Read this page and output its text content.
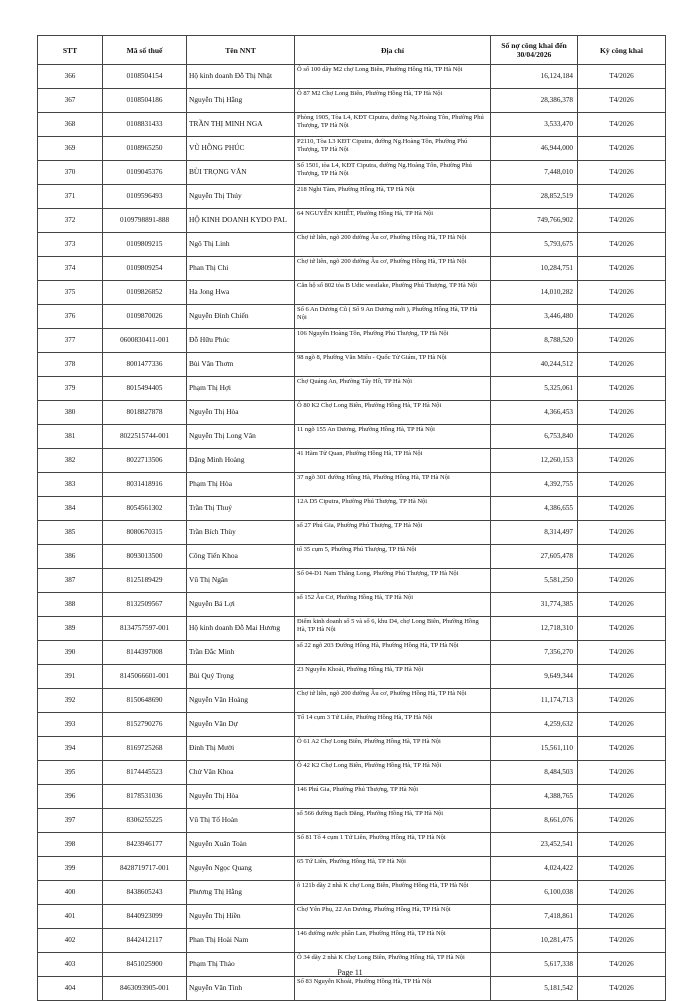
STT	Mã số thuế	Tên NNT	Địa chỉ	Số nợ công khai đến 30/04/2026	Kỳ công khai
366	0108504154	Hộ kinh doanh Đỗ Thị Nhật	Ô số 100 dãy M2 chợ Long Biên, Phường Hồng Hà, TP Hà Nội	16,124,184	T4/2026
367	0108504186	Nguyễn Thị Hằng	Ô 87 M2 Chợ Long Biên, Phường Hồng Hà, TP Hà Nội	28,386,378	T4/2026
368	0108831433	TRẦN THỊ MINH NGA	Phòng 1905, Tòa L4, KĐT Ciputra, đường Ng.Hoàng Tôn, Phường Phú Thượng, TP Hà Nội	3,533,470	T4/2026
369	0108965250	VŨ HỒNG PHÚC	P2110, Tòa L3 KĐT Ciputra, đường Ng.Hoàng Tôn, Phường Phú Thượng, TP Hà Nội	46,944,000	T4/2026
370	0109045376	BÙI TRỌNG VĂN	Số 1501, tòa L4, KĐT Ciputra, đường Ng.Hoàng Tôn, Phường Phú Thượng, TP Hà Nội	7,448,010	T4/2026
371	0109596493	Nguyễn Thị Thúy	218 Nghi Tàm, Phường Hồng Hà, TP Hà Nội	28,852,519	T4/2026
372	0109798891-888	HỘ KINH DOANH KYDO PAL	64 NGUYỄN KHIẾT, Phường Hồng Hà, TP Hà Nội	749,766,902	T4/2026
373	0109809215	Ngô Thị Linh	Chợ tứ liên, ngõ 200 đường Âu cơ, Phường Hồng Hà, TP Hà Nội	5,793,675	T4/2026
374	0109809254	Phan Thị Chi	Chợ tứ liên, ngõ 200 đường Âu cơ, Phường Hồng Hà, TP Hà Nội	10,284,751	T4/2026
375	0109826852	Ha Jong Hwa	Căn hộ số 802 tòa B Udic westlake, Phường Phú Thượng, TP Hà Nội	14,010,282	T4/2026
376	0109870026	Nguyễn Đình Chiến	Số 6 An Dương Cũ ( Số 9 An Dương mới ), Phường Hồng Hà, TP Hà Nội	3,446,480	T4/2026
377	0600830411-001	Đỗ Hữu Phúc	106 Nguyễn Hoàng Tôn, Phường Phú Thượng, TP Hà Nội	8,788,520	T4/2026
378	8001477336	Bùi Văn Thơm	98 ngõ 8, Phường Văn Miếu - Quốc Tử Giám, TP Hà Nội	40,244,512	T4/2026
379	8015494405	Phạm Thị Hợi	Chợ Quảng An, Phường Tây Hồ, TP Hà Nội	5,325,061	T4/2026
380	8018827878	Nguyễn Thị Hòa	Ô 80 K2 Chợ Long Biên, Phường Hồng Hà, TP Hà Nội	4,366,453	T4/2026
381	8022515744-001	Nguyễn Thị Long Vân	11 ngõ 155 An Dương, Phường Hồng Hà, TP Hà Nội	6,753,840	T4/2026
382	8022713506	Đặng Minh Hoàng	41 Hàm Tử Quan, Phường Hồng Hà, TP Hà Nội	12,260,153	T4/2026
383	8031418916	Phạm Thị Hòa	37 ngõ 301 đường Hồng Hà, Phường Hồng Hà, TP Hà Nội	4,392,755	T4/2026
384	8054561302	Trần Thị Thuý	12A D5 Ciputra, Phường Phú Thượng, TP Hà Nội	4,386,655	T4/2026
385	8080670315	Trần Bích Thùy	số 27 Phú Gia, Phường Phú Thượng, TP Hà Nội	8,314,497	T4/2026
386	8093013500	Công Tiến Khoa	tổ 35 cụm 5, Phường Phú Thượng, TP Hà Nội	27,605,478	T4/2026
387	8125189429	Vũ Thị Ngân	Số 04-D1 Nam Thăng Long, Phường Phú Thượng, TP Hà Nội	5,581,250	T4/2026
388	8132509567	Nguyễn Bá Lợi	số 152 Âu Cơ, Phường Hồng Hà, TP Hà Nội	31,774,385	T4/2026
389	8134757597-001	Hộ kinh doanh Đỗ Mai Hương	Điểm kinh doanh số 5 và số 6, khu D4, chợ Long Biên, Phường Hồng Hà, TP Hà Nội	12,718,310	T4/2026
390	8144397008	Trần Đắc Minh	số 22 ngõ 203 Đường Hồng Hà, Phường Hồng Hà, TP Hà Nội	7,356,270	T4/2026
391	8145066601-001	Bùi Quý Trọng	23 Nguyễn Khoái, Phường Hồng Hà, TP Hà Nội	9,649,344	T4/2026
392	8150648690	Nguyễn Văn Hoàng	Chợ tứ liên, ngõ 200 đường Âu cơ, Phường Hồng Hà, TP Hà Nội	11,174,713	T4/2026
393	8152790276	Nguyễn Văn Dự	Tổ 14 cụm 3 Tứ Liên, Phường Hồng Hà, TP Hà Nội	4,259,632	T4/2026
394	8169725268	Đinh Thị Mười	Ô 61 A2 Chợ Long Biên, Phường Hồng Hà, TP Hà Nội	15,561,110	T4/2026
395	8174445523	Chử Văn Khoa	Ô 42 K2 Chợ Long Biên, Phường Hồng Hà, TP Hà Nội	8,484,503	T4/2026
396	8178531036	Nguyễn Thị Hòa	146 Phú Gia, Phường Phú Thượng, TP Hà Nội	4,388,765	T4/2026
397	8306255225	Vũ Thị Tố Hoàn	số 566 đường Bạch Đằng, Phường Hồng Hà, TP Hà Nội	8,661,076	T4/2026
398	8423946177	Nguyễn Xuân Toàn	Số 81 Tổ 4 cụm 1 Tứ Liên, Phường Hồng Hà, TP Hà Nội	23,452,541	T4/2026
399	8428719717-001	Nguyễn Ngọc Quang	65 Tứ Liên, Phường Hồng Hà, TP Hà Nội	4,024,422	T4/2026
400	8438605243	Phương Thị Hằng	ô 121b dãy 2 nhà K chợ Long Biên, Phường Hồng Hà, TP Hà Nội	6,100,038	T4/2026
401	8440923099	Nguyễn Thị Hiền	Chợ Yên Phụ, 22 An Dương, Phường Hồng Hà, TP Hà Nội	7,418,861	T4/2026
402	8442412117	Phan Thị Hoài Nam	146 đường nước phần Lan, Phường Hồng Hà, TP Hà Nội	10,281,475	T4/2026
403	8451025900	Phạm Thị Thảo	Ô 34 dãy 2 nhà K Chợ Long Biên, Phường Hồng Hà, TP Hà Nội	5,617,338	T4/2026
404	8463093905-001	Nguyễn Văn Tỉnh	Số 83 Nguyễn Khoái, Phường Hồng Hà, TP Hà Nội	5,181,542	T4/2026
Page 11
